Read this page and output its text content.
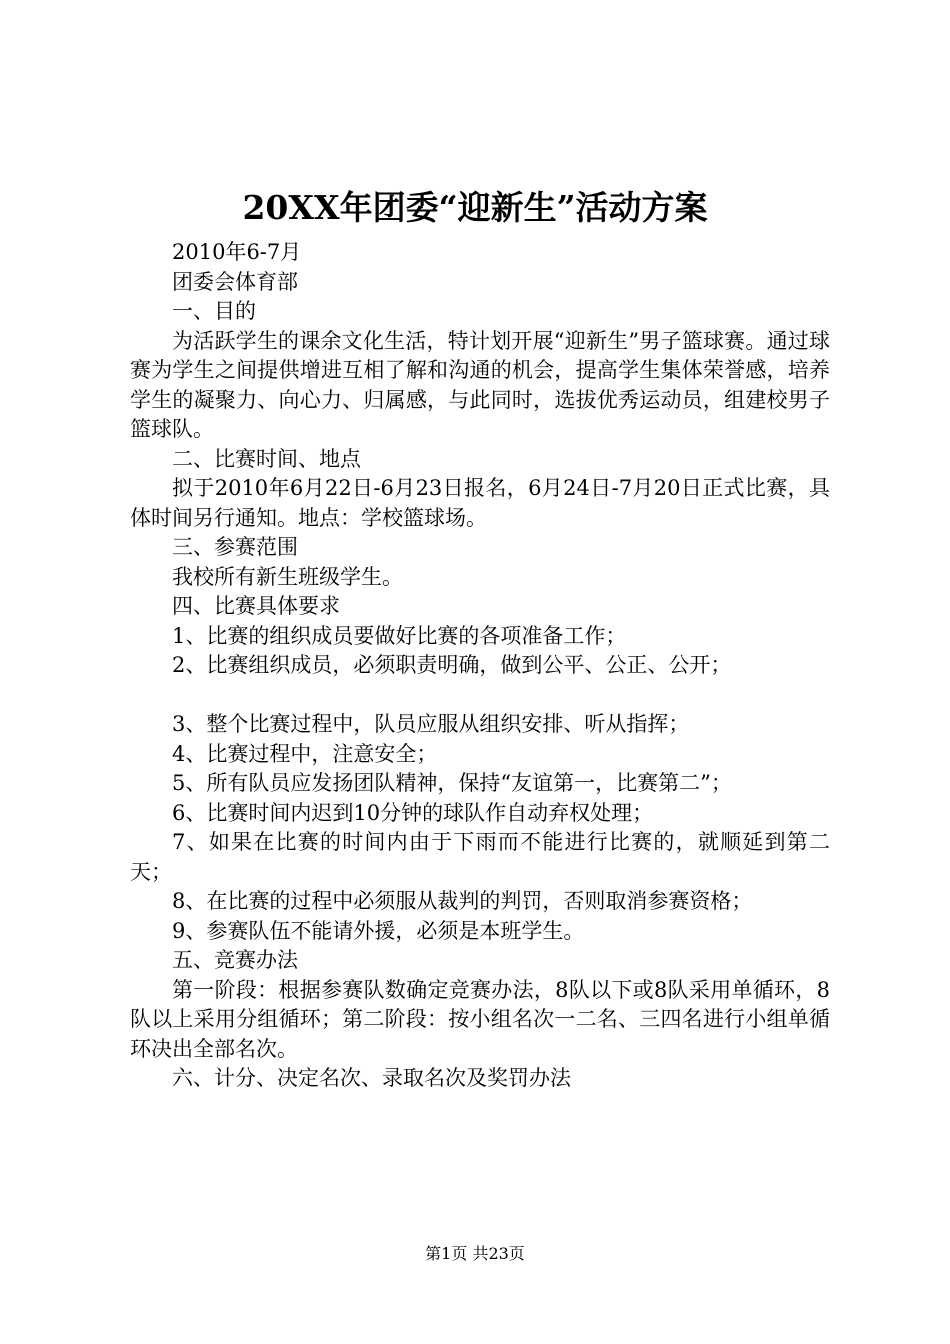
20XX年团委“迎新生”活动方案

2010年6-7月

团委会体育部

一、目的

为活跃学生的课余文化生活，特计划开展“迎新生”男子篮球赛。通过球赛为学生之间提供增进互相了解和沟通的机会，提高学生集体荣誉感，培养学生的凝聚力、向心力、归属感，与此同时，选拔优秀运动员，组建校男子篮球队。

二、比赛时间、地点

拟于2010年6月22日-6月23日报名，6月24日-7月20日正式比赛，具体时间另行通知。地点：学校篮球场。

三、参赛范围

我校所有新生班级学生。

四、比赛具体要求

1、比赛的组织成员要做好比赛的各项准备工作；

2、比赛组织成员，必须职责明确，做到公平、公正、公开；

3、整个比赛过程中，队员应服从组织安排、听从指挥；

4、比赛过程中，注意安全；

5、所有队员应发扬团队精神，保持“友谊第一，比赛第二”；

6、比赛时间内迟到10分钟的球队作自动弃权处理；

7、如果在比赛的时间内由于下雨而不能进行比赛的，就顺延到第二天；

8、在比赛的过程中必须服从裁判的判罚，否则取消参赛资格；

9、参赛队伍不能请外援，必须是本班学生。

五、竞赛办法

第一阶段：根据参赛队数确定竞赛办法，8队以下或8队采用单循环，8队以上采用分组循环；第二阶段：按小组名次一二名、三四名进行小组单循环决出全部名次。

六、计分、决定名次、录取名次及奖罚办法

第1页 共23页
